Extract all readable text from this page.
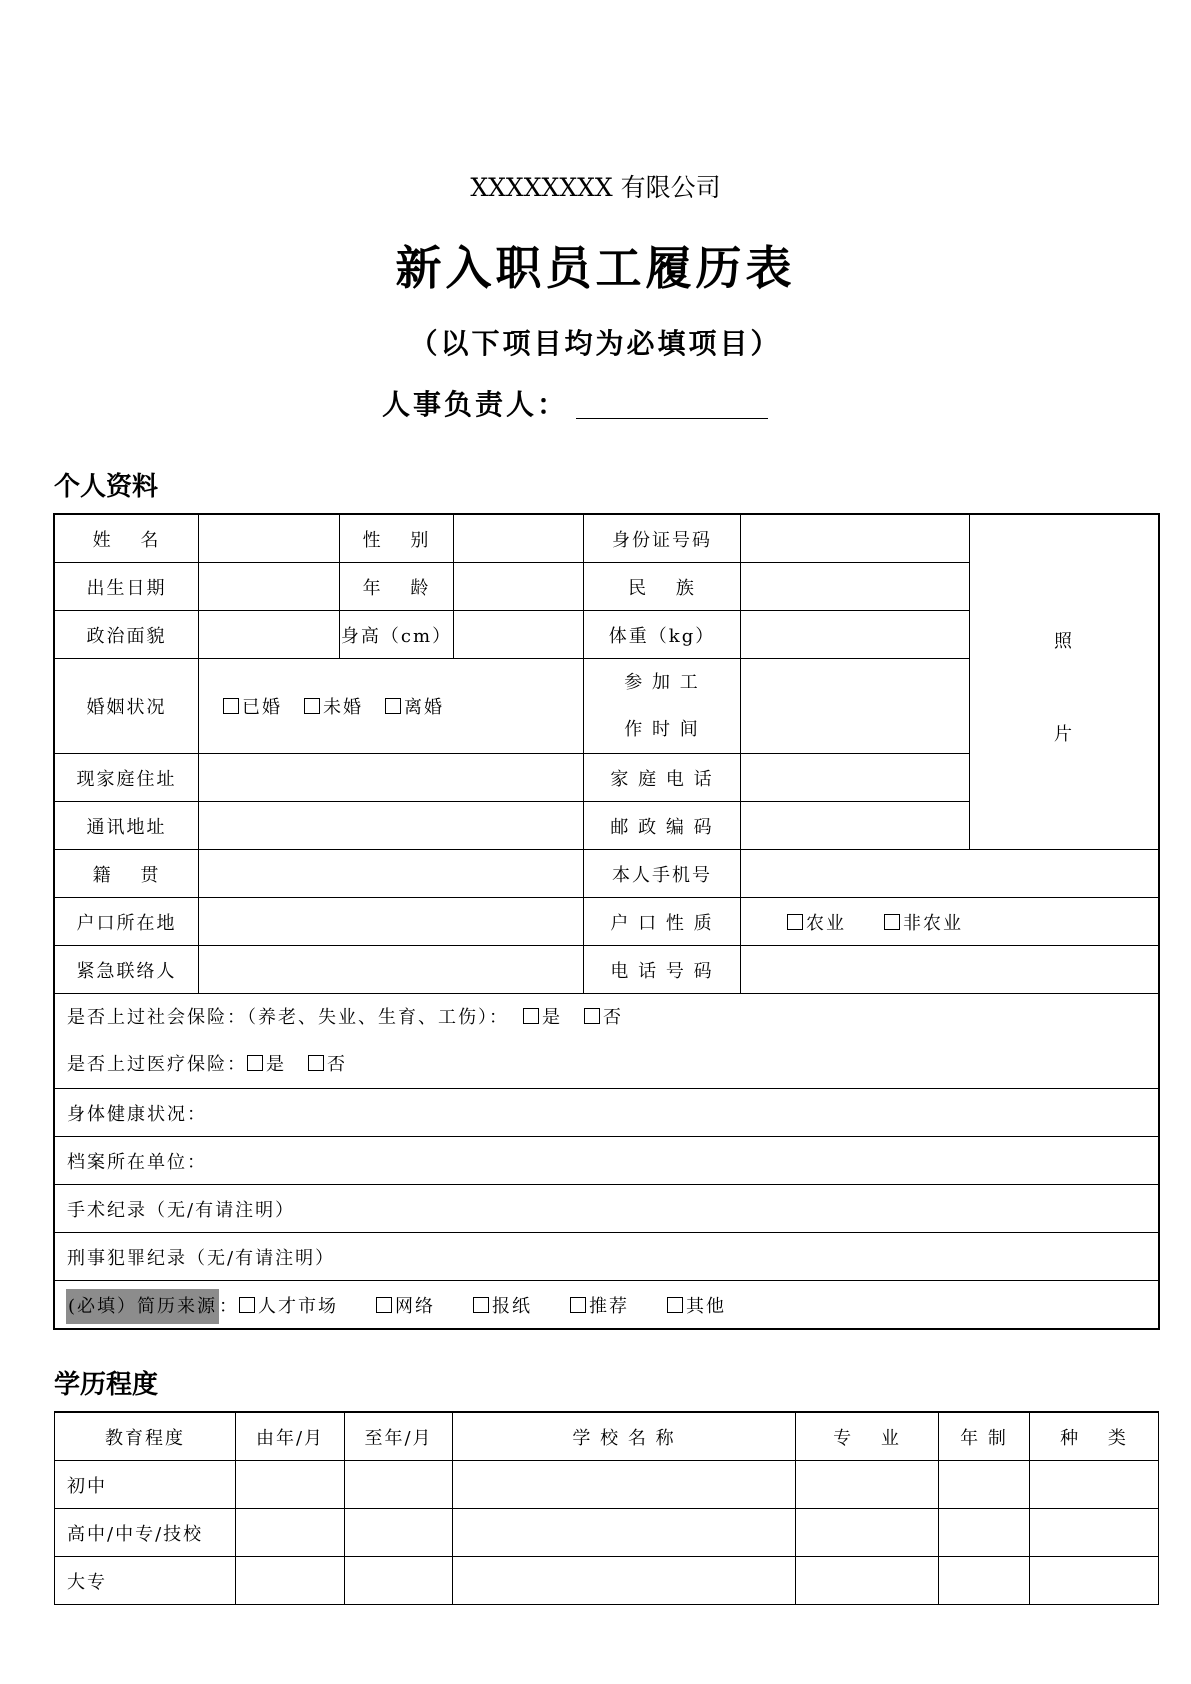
XXXXXXXX 有限公司
新入职员工履历表
（以下项目均为必填项目）
人事负责人：
个人资料
姓　 名		性　 别		身份证号码		照
片

出生日期		年　 龄		民　 族		
政治面貌		身高（cm）		体重（kg）		
婚姻状况	已婚 未婚 离婚			参 加 工
作 时 间		

现家庭住址				家 庭 电 话		
通讯地址				邮 政 编 码		
籍　 贯				本人手机号		
户口所在地				户 口 性 质	农业 非农业	
紧急联络人				电 话 号 码		

是否上过社会保险：（养老、失业、生育、工伤）： 是 否
是否上过医疗保险： 是 否						

身体健康状况：						
档案所在单位：						
手术纪录（无/有请注明）						
刑事犯罪纪录（无/有请注明）						
(必填）简历来源 ： 人才市场 网络 报纸 推荐 其他						
学历程度
教育程度	由年/月	至年/月	学 校 名 称	专　 业	年 制	种　 类
初中						
高中/中专/技校						
大专						
